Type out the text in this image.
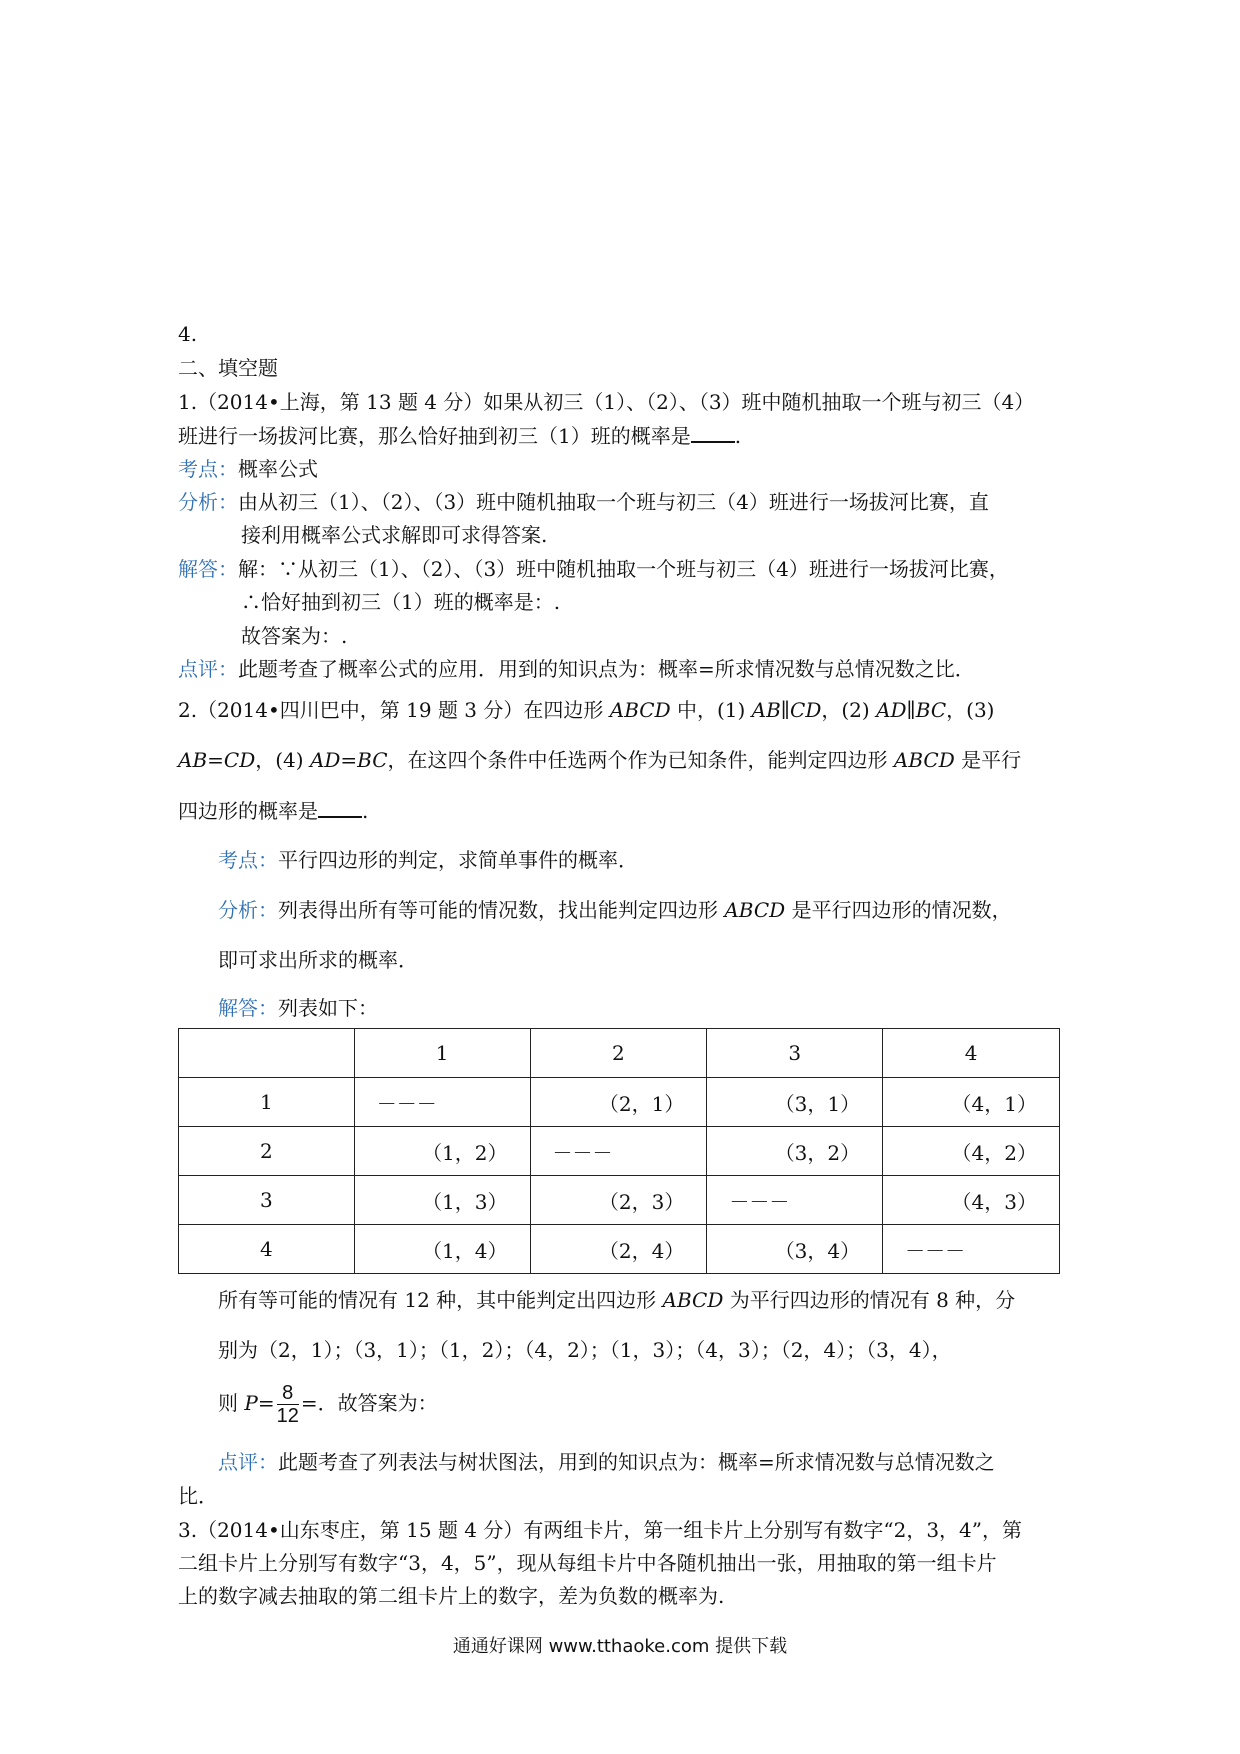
4.
二、填空题
1.（2014•上海，第 13 题 4 分）如果从初三（1）、（2）、（3）班中随机抽取一个班与初三（4）
班进行一场拔河比赛，那么恰好抽到初三（1）班的概率是 .
考点：概率公式
分析：由从初三（1）、（2）、（3）班中随机抽取一个班与初三（4）班进行一场拔河比赛，直
接利用概率公式求解即可求得答案.
解答：解：∵从初三（1）、（2）、（3）班中随机抽取一个班与初三（4）班进行一场拔河比赛，
∴恰好抽到初三（1）班的概率是：.
故答案为：.
点评：此题考查了概率公式的应用．用到的知识点为：概率=所求情况数与总情况数之比．
2.（2014•四川巴中，第 19 题 3 分）在四边形 ABCD 中，(1) AB∥CD，(2) AD∥BC，(3)
AB=CD，(4) AD=BC，在这四个条件中任选两个作为已知条件，能判定四边形 ABCD 是平行
四边形的概率是 .
考点：平行四边形的判定，求简单事件的概率．
分析：列表得出所有等可能的情况数，找出能判定四边形 ABCD 是平行四边形的情况数，
即可求出所求的概率．
解答：列表如下：
	1	2	3	4
1	－－－	（2，1）	（3，1）	（4，1）
2	（1，2）	－－－	（3，2）	（4，2）
3	（1，3）	（2，3）	－－－	（4，3）
4	（1，4）	（2，4）	（3，4）	－－－
所有等可能的情况有 12 种，其中能判定出四边形 ABCD 为平行四边形的情况有 8 种，分
别为（2，1）；（3，1）；（1，2）；（4，2）；（1，3）；（4，3）；（2，4）；（3，4），
则 $P= \frac{8}{12}$ =．故答案为：
点评：此题考查了列表法与树状图法，用到的知识点为：概率=所求情况数与总情况数之
比．
3.（2014•山东枣庄，第 15 题 4 分）有两组卡片，第一组卡片上分别写有数字“2，3，4”，第
二组卡片上分别写有数字“3，4，5”，现从每组卡片中各随机抽出一张，用抽取的第一组卡片
上的数字减去抽取的第二组卡片上的数字，差为负数的概率为.
通通好课网 www.tthaoke.com 提供下载
